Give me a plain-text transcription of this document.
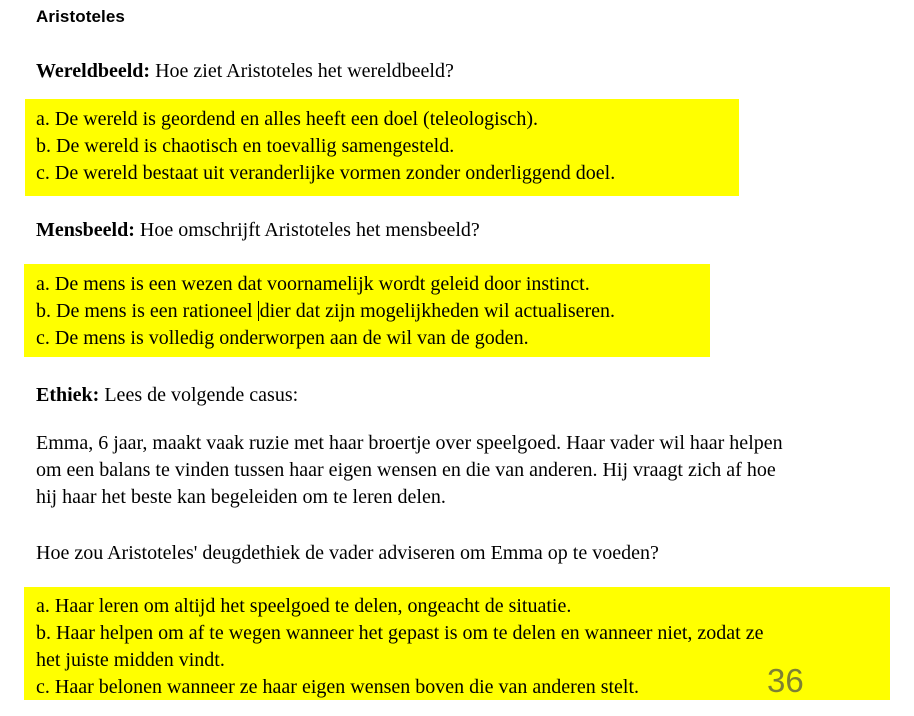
Aristoteles
Wereldbeeld: Hoe ziet Aristoteles het wereldbeeld?
a. De wereld is geordend en alles heeft een doel (teleologisch).
b. De wereld is chaotisch en toevallig samengesteld.
c. De wereld bestaat uit veranderlijke vormen zonder onderliggend doel.
Mensbeeld: Hoe omschrijft Aristoteles het mensbeeld?
a. De mens is een wezen dat voornamelijk wordt geleid door instinct.
b. De mens is een rationeel dier dat zijn mogelijkheden wil actualiseren.
c. De mens is volledig onderworpen aan de wil van de goden.
Ethiek: Lees de volgende casus:
Emma, 6 jaar, maakt vaak ruzie met haar broertje over speelgoed. Haar vader wil haar helpen
om een balans te vinden tussen haar eigen wensen en die van anderen. Hij vraagt zich af hoe
hij haar het beste kan begeleiden om te leren delen.
Hoe zou Aristoteles' deugdethiek de vader adviseren om Emma op te voeden?
a. Haar leren om altijd het speelgoed te delen, ongeacht de situatie.
b. Haar helpen om af te wegen wanneer het gepast is om te delen en wanneer niet, zodat ze
het juiste midden vindt.
c. Haar belonen wanneer ze haar eigen wensen boven die van anderen stelt.	36
